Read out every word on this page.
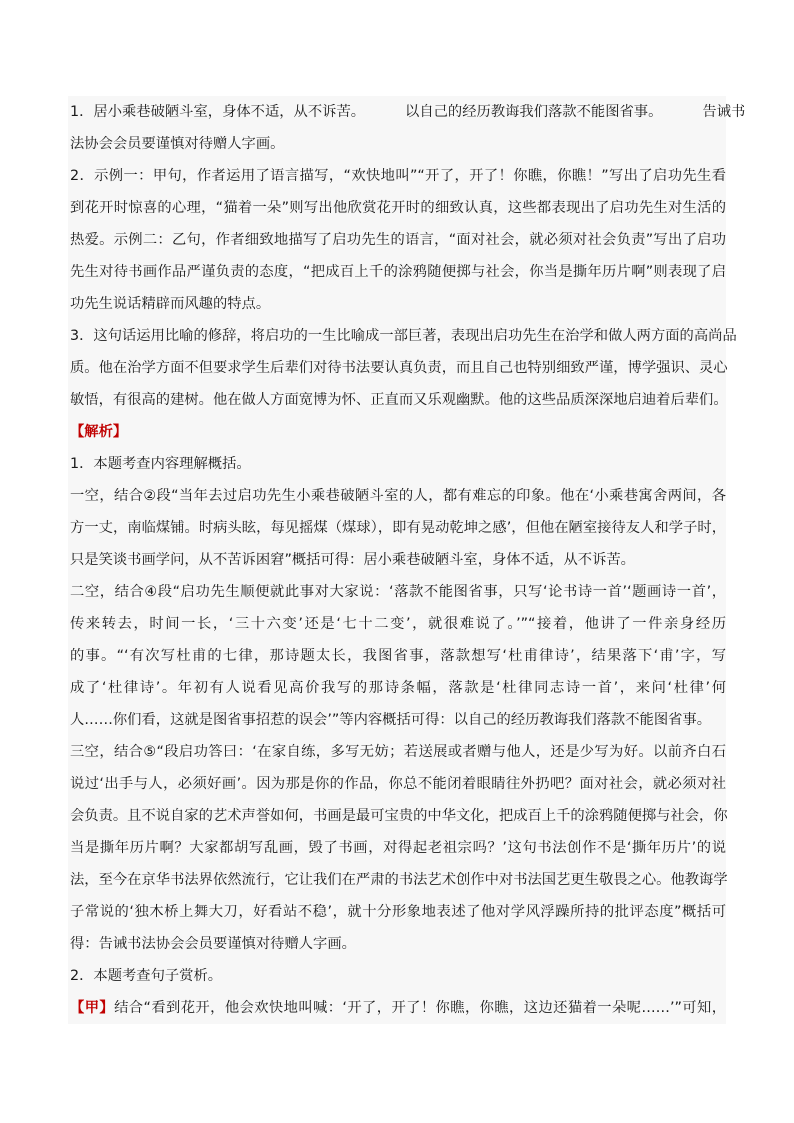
1．居小乘巷破陋斗室，身体不适，从不诉苦。	以自己的经历教诲我们落款不能图省事。	告诫书
法协会会员要谨慎对待赠人字画。
2．示例一：甲句，作者运用了语言描写，“欢快地叫”“开了，开了！你瞧，你瞧！”写出了启功先生看
到花开时惊喜的心理，“猫着一朵”则写出他欣赏花开时的细致认真，这些都表现出了启功先生对生活的
热爱。示例二：乙句，作者细致地描写了启功先生的语言，“面对社会，就必须对社会负责”写出了启功
先生对待书画作品严谨负责的态度，“把成百上千的涂鸦随便掷与社会，你当是撕年历片啊”则表现了启
功先生说话精辟而风趣的特点。
3．这句话运用比喻的修辞，将启功的一生比喻成一部巨著，表现出启功先生在治学和做人两方面的高尚品
质。他在治学方面不但要求学生后辈们对待书法要认真负责，而且自己也特别细致严谨，博学强识、灵心
敏悟，有很高的建树。他在做人方面宽博为怀、正直而又乐观幽默。他的这些品质深深地启迪着后辈们。
【解析】
1．本题考查内容理解概括。
一空，结合②段“当年去过启功先生小乘巷破陋斗室的人，都有难忘的印象。他在‘小乘巷寓舍两间，各
方一丈，南临煤铺。时病头眩，每见摇煤（煤球），即有晃动乾坤之感’，但他在陋室接待友人和学子时，
只是笑谈书画学问，从不苦诉困窘”概括可得：居小乘巷破陋斗室，身体不适，从不诉苦。
二空，结合④段“启功先生顺便就此事对大家说：‘落款不能图省事，只写‘论书诗一首’‘题画诗一首’，
传来转去，时间一长，‘三十六变’还是‘七十二变’，就很难说了。’”“接着，他讲了一件亲身经历
的事。“‘有次写杜甫的七律，那诗题太长，我图省事，落款想写‘杜甫律诗’，结果落下‘甫’字，写
成了‘杜律诗’。年初有人说看见高价我写的那诗条幅，落款是‘杜律同志诗一首’，来问‘杜律’何
人……你们看，这就是图省事招惹的误会’”等内容概括可得：以自己的经历教诲我们落款不能图省事。
三空，结合⑤“段启功答曰：‘在家自练，多写无妨；若送展或者赠与他人，还是少写为好。以前齐白石
说过‘出手与人，必须好画’。因为那是你的作品，你总不能闭着眼睛往外扔吧？面对社会，就必须对社
会负责。且不说自家的艺术声誉如何，书画是最可宝贵的中华文化，把成百上千的涂鸦随便掷与社会，你
当是撕年历片啊？大家都胡写乱画，毁了书画，对得起老祖宗吗？’这句书法创作不是‘撕年历片’的说
法，至今在京华书法界依然流行，它让我们在严肃的书法艺术创作中对书法国艺更生敬畏之心。他教诲学
子常说的‘独木桥上舞大刀，好看站不稳’，就十分形象地表述了他对学风浮躁所持的批评态度”概括可
得：告诫书法协会会员要谨慎对待赠人字画。
2．本题考查句子赏析。
【甲】结合“看到花开，他会欢快地叫喊：‘开了，开了！你瞧，你瞧，这边还猫着一朵呢……’”可知，
